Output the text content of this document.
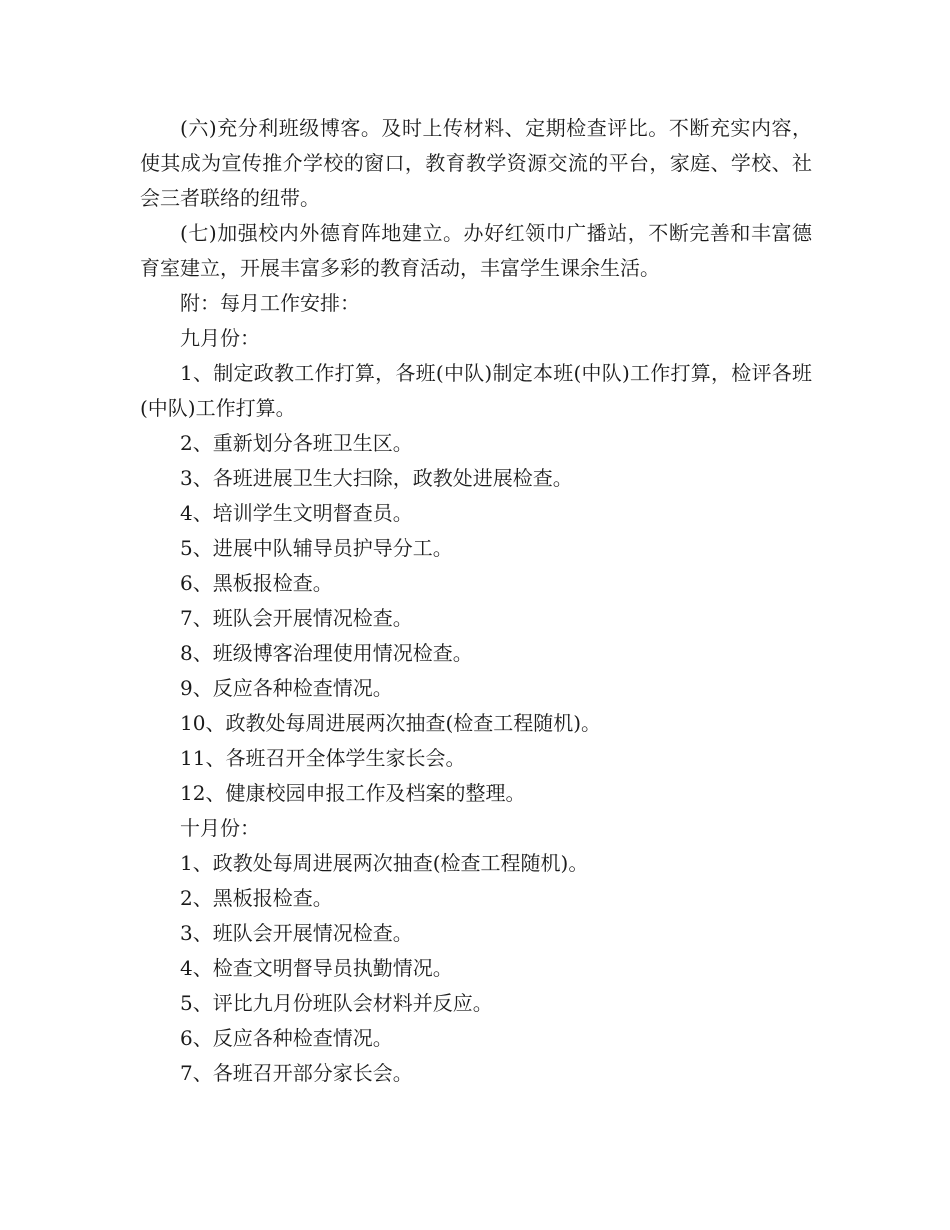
(六)充分利班级博客。及时上传材料、定期检查评比。不断充实内容，使其成为宣传推介学校的窗口，教育教学资源交流的平台，家庭、学校、社会三者联络的纽带。

(七)加强校内外德育阵地建立。办好红领巾广播站，不断完善和丰富德育室建立，开展丰富多彩的教育活动，丰富学生课余生活。

附：每月工作安排：

九月份：

1、制定政教工作打算，各班(中队)制定本班(中队)工作打算，检评各班(中队)工作打算。

2、重新划分各班卫生区。

3、各班进展卫生大扫除，政教处进展检查。

4、培训学生文明督查员。

5、进展中队辅导员护导分工。

6、黑板报检查。

7、班队会开展情况检查。

8、班级博客治理使用情况检查。

9、反应各种检查情况。

10、政教处每周进展两次抽查(检查工程随机)。

11、各班召开全体学生家长会。

12、健康校园申报工作及档案的整理。

十月份：

1、政教处每周进展两次抽查(检查工程随机)。

2、黑板报检查。

3、班队会开展情况检查。

4、检查文明督导员执勤情况。

5、评比九月份班队会材料并反应。

6、反应各种检查情况。

7、各班召开部分家长会。
